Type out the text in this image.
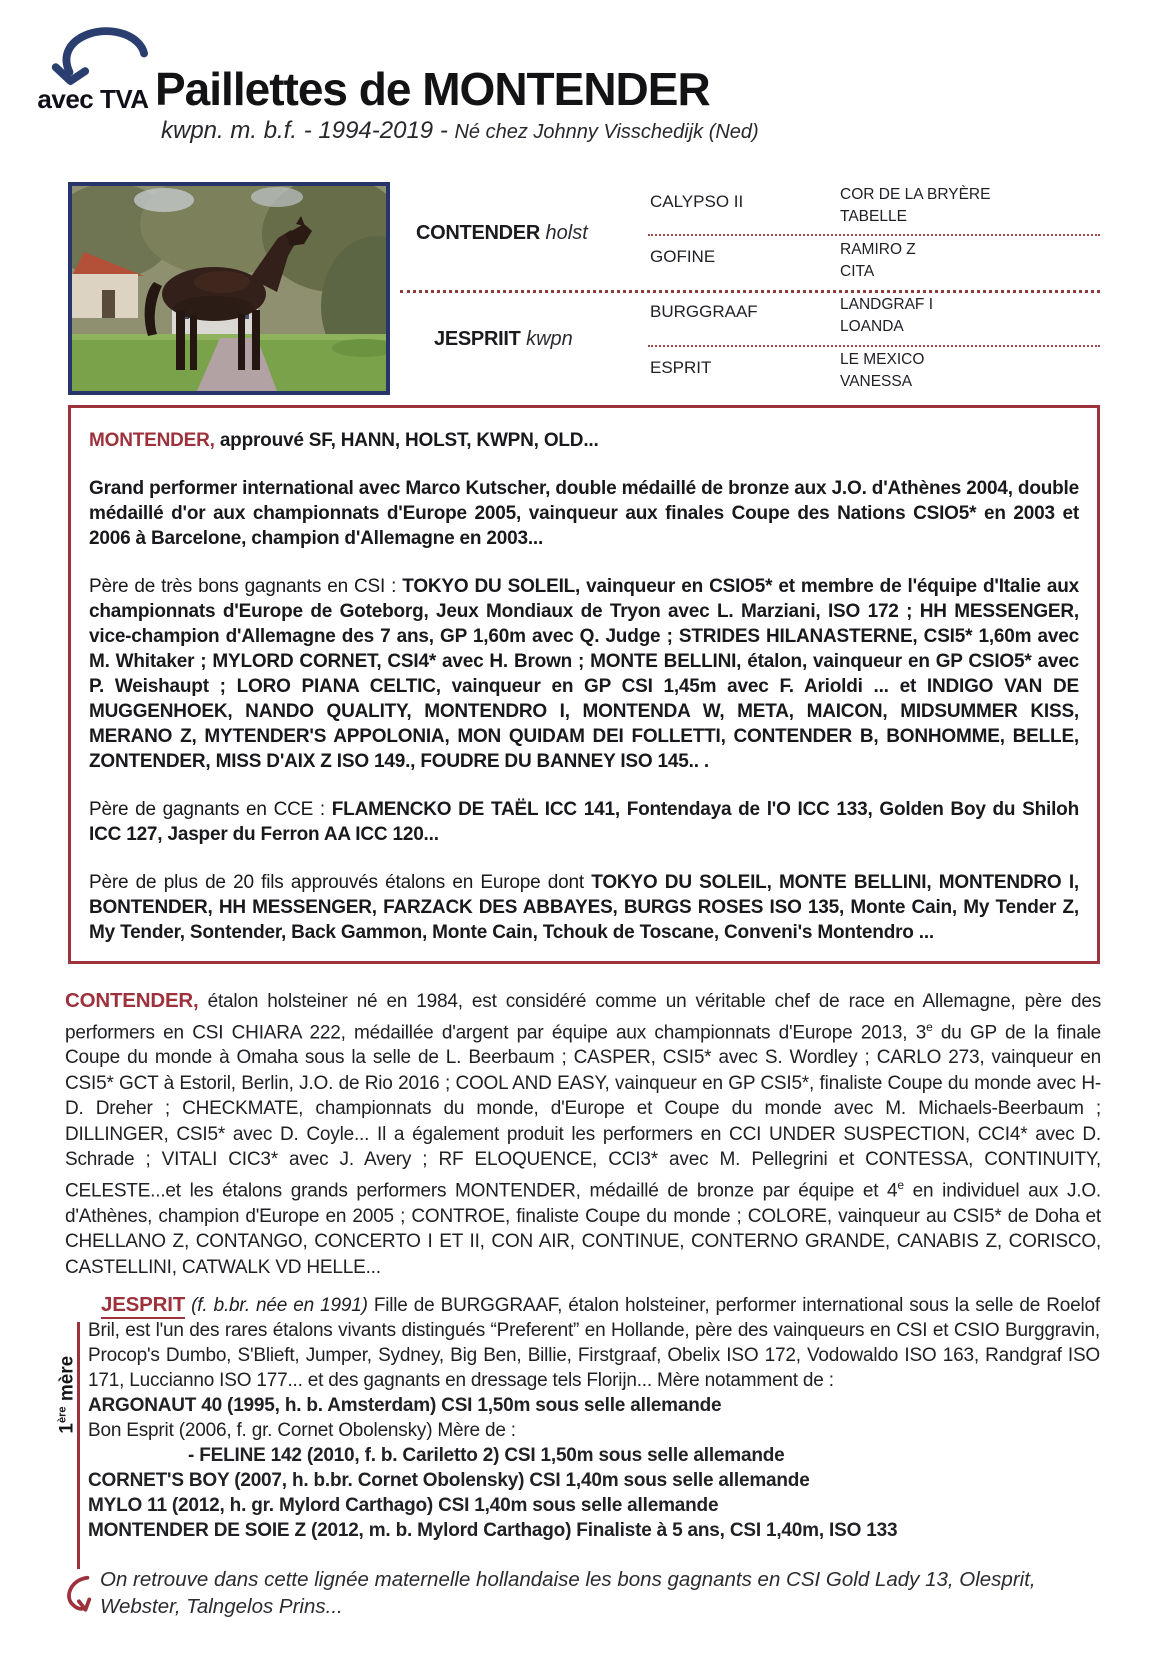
avec TVA Paillettes de MONTENDER
kwpn. m. b.f. - 1994-2019 - Né chez Johnny Visschedijk (Ned)
CONTENDER holst
JESPRIIT kwpn
CALYPSO II
GOFINE
BURGGRAAF
ESPRIT
COR DE LA BRYÈRE
TABELLE
RAMIRO Z
CITA
LANDGRAF I
LOANDA
LE MEXICO
VANESSA

MONTENDER, approuvé SF, HANN, HOLST, KWPN, OLD...

Grand performer international avec Marco Kutscher, double médaillé de bronze aux J.O. d'Athènes 2004, double médaillé d'or aux championnats d'Europe 2005, vainqueur aux finales Coupe des Nations CSIO5* en 2003 et 2006 à Barcelone, champion d'Allemagne en 2003...

Père de très bons gagnants en CSI : TOKYO DU SOLEIL, vainqueur en CSIO5* et membre de l'équipe d'Italie aux championnats d'Europe de Goteborg, Jeux Mondiaux de Tryon avec L. Marziani, ISO 172 ; HH MESSENGER, vice-champion d'Allemagne des 7 ans, GP 1,60m avec Q. Judge ; STRIDES HILANASTERNE, CSI5* 1,60m avec M. Whitaker ; MYLORD CORNET, CSI4* avec H. Brown ; MONTE BELLINI, étalon, vainqueur en GP CSIO5* avec P. Weishaupt ; LORO PIANA CELTIC, vainqueur en GP CSI 1,45m avec F. Arioldi ... et INDIGO VAN DE MUGGENHOEK, NANDO QUALITY, MONTENDRO I, MONTENDA W, META, MAICON, MIDSUMMER KISS, MERANO Z, MYTENDER'S APPOLONIA, MON QUIDAM DEI FOLLETTI, CONTENDER B, BONHOMME, BELLE, ZONTENDER, MISS D'AIX Z ISO 149., FOUDRE DU BANNEY ISO 145.. .

Père de gagnants en CCE : FLAMENCKO DE TAËL ICC 141, Fontendaya de l'O ICC 133, Golden Boy du Shiloh ICC 127, Jasper du Ferron AA ICC 120...

Père de plus de 20 fils approuvés étalons en Europe dont TOKYO DU SOLEIL, MONTE BELLINI, MONTENDRO I, BONTENDER, HH MESSENGER, FARZACK DES ABBAYES, BURGS ROSES ISO 135, Monte Cain, My Tender Z, My Tender, Sontender, Back Gammon, Monte Cain, Tchouk de Toscane, Conveni's Montendro ...

CONTENDER, étalon holsteiner né en 1984, est considéré comme un véritable chef de race en Allemagne, père des performers en CSI CHIARA 222, médaillée d'argent par équipe aux championnats d'Europe 2013, 3e du GP de la finale Coupe du monde à Omaha sous la selle de L. Beerbaum ; CASPER, CSI5* avec S. Wordley ; CARLO 273, vainqueur en CSI5* GCT à Estoril, Berlin, J.O. de Rio 2016 ; COOL AND EASY, vainqueur en GP CSI5*, finaliste Coupe du monde avec H-D. Dreher ; CHECKMATE, championnats du monde, d'Europe et Coupe du monde avec M. Michaels-Beerbaum ; DILLINGER, CSI5* avec D. Coyle... Il a également produit les performers en CCI UNDER SUSPECTION, CCI4* avec D. Schrade ; VITALI CIC3* avec J. Avery ; RF ELOQUENCE, CCI3* avec M. Pellegrini et CONTESSA, CONTINUITY, CELESTE...et les étalons grands performers MONTENDER, médaillé de bronze par équipe et 4e en individuel aux J.O. d'Athènes, champion d'Europe en 2005 ; CONTROE, finaliste Coupe du monde ; COLORE, vainqueur au CSI5* de Doha et CHELLANO Z, CONTANGO, CONCERTO I ET II, CON AIR, CONTINUE, CONTERNO GRANDE, CANABIS Z, CORISCO, CASTELLINI, CATWALK VD HELLE...
1ère mère

JESPRIT (f. b.br. née en 1991) Fille de BURGGRAAF, étalon holsteiner, performer international sous la selle de Roelof Bril, est l'un des rares étalons vivants distingués “Preferent” en Hollande, père des vainqueurs en CSI et CSIO Burggravin, Procop's Dumbo, S'Blieft, Jumper, Sydney, Big Ben, Billie, Firstgraaf, Obelix ISO 172, Vodowaldo ISO 163, Randgraf ISO 171, Luccianno ISO 177... et des gagnants en dressage tels Florijn... Mère notamment de :

ARGONAUT 40 (1995, h. b. Amsterdam) CSI 1,50m sous selle allemande
Bon Esprit (2006, f. gr. Cornet Obolensky) Mère de :
- FELINE 142 (2010, f. b. Cariletto 2) CSI 1,50m sous selle allemande
CORNET'S BOY (2007, h. b.br. Cornet Obolensky) CSI 1,40m sous selle allemande
MYLO 11 (2012, h. gr. Mylord Carthago) CSI 1,40m sous selle allemande
MONTENDER DE SOIE Z (2012, m. b. Mylord Carthago) Finaliste à 5 ans, CSI 1,40m, ISO 133
On retrouve dans cette lignée maternelle hollandaise les bons gagnants en CSI Gold Lady 13, Olesprit, Webster, Talngelos Prins...
